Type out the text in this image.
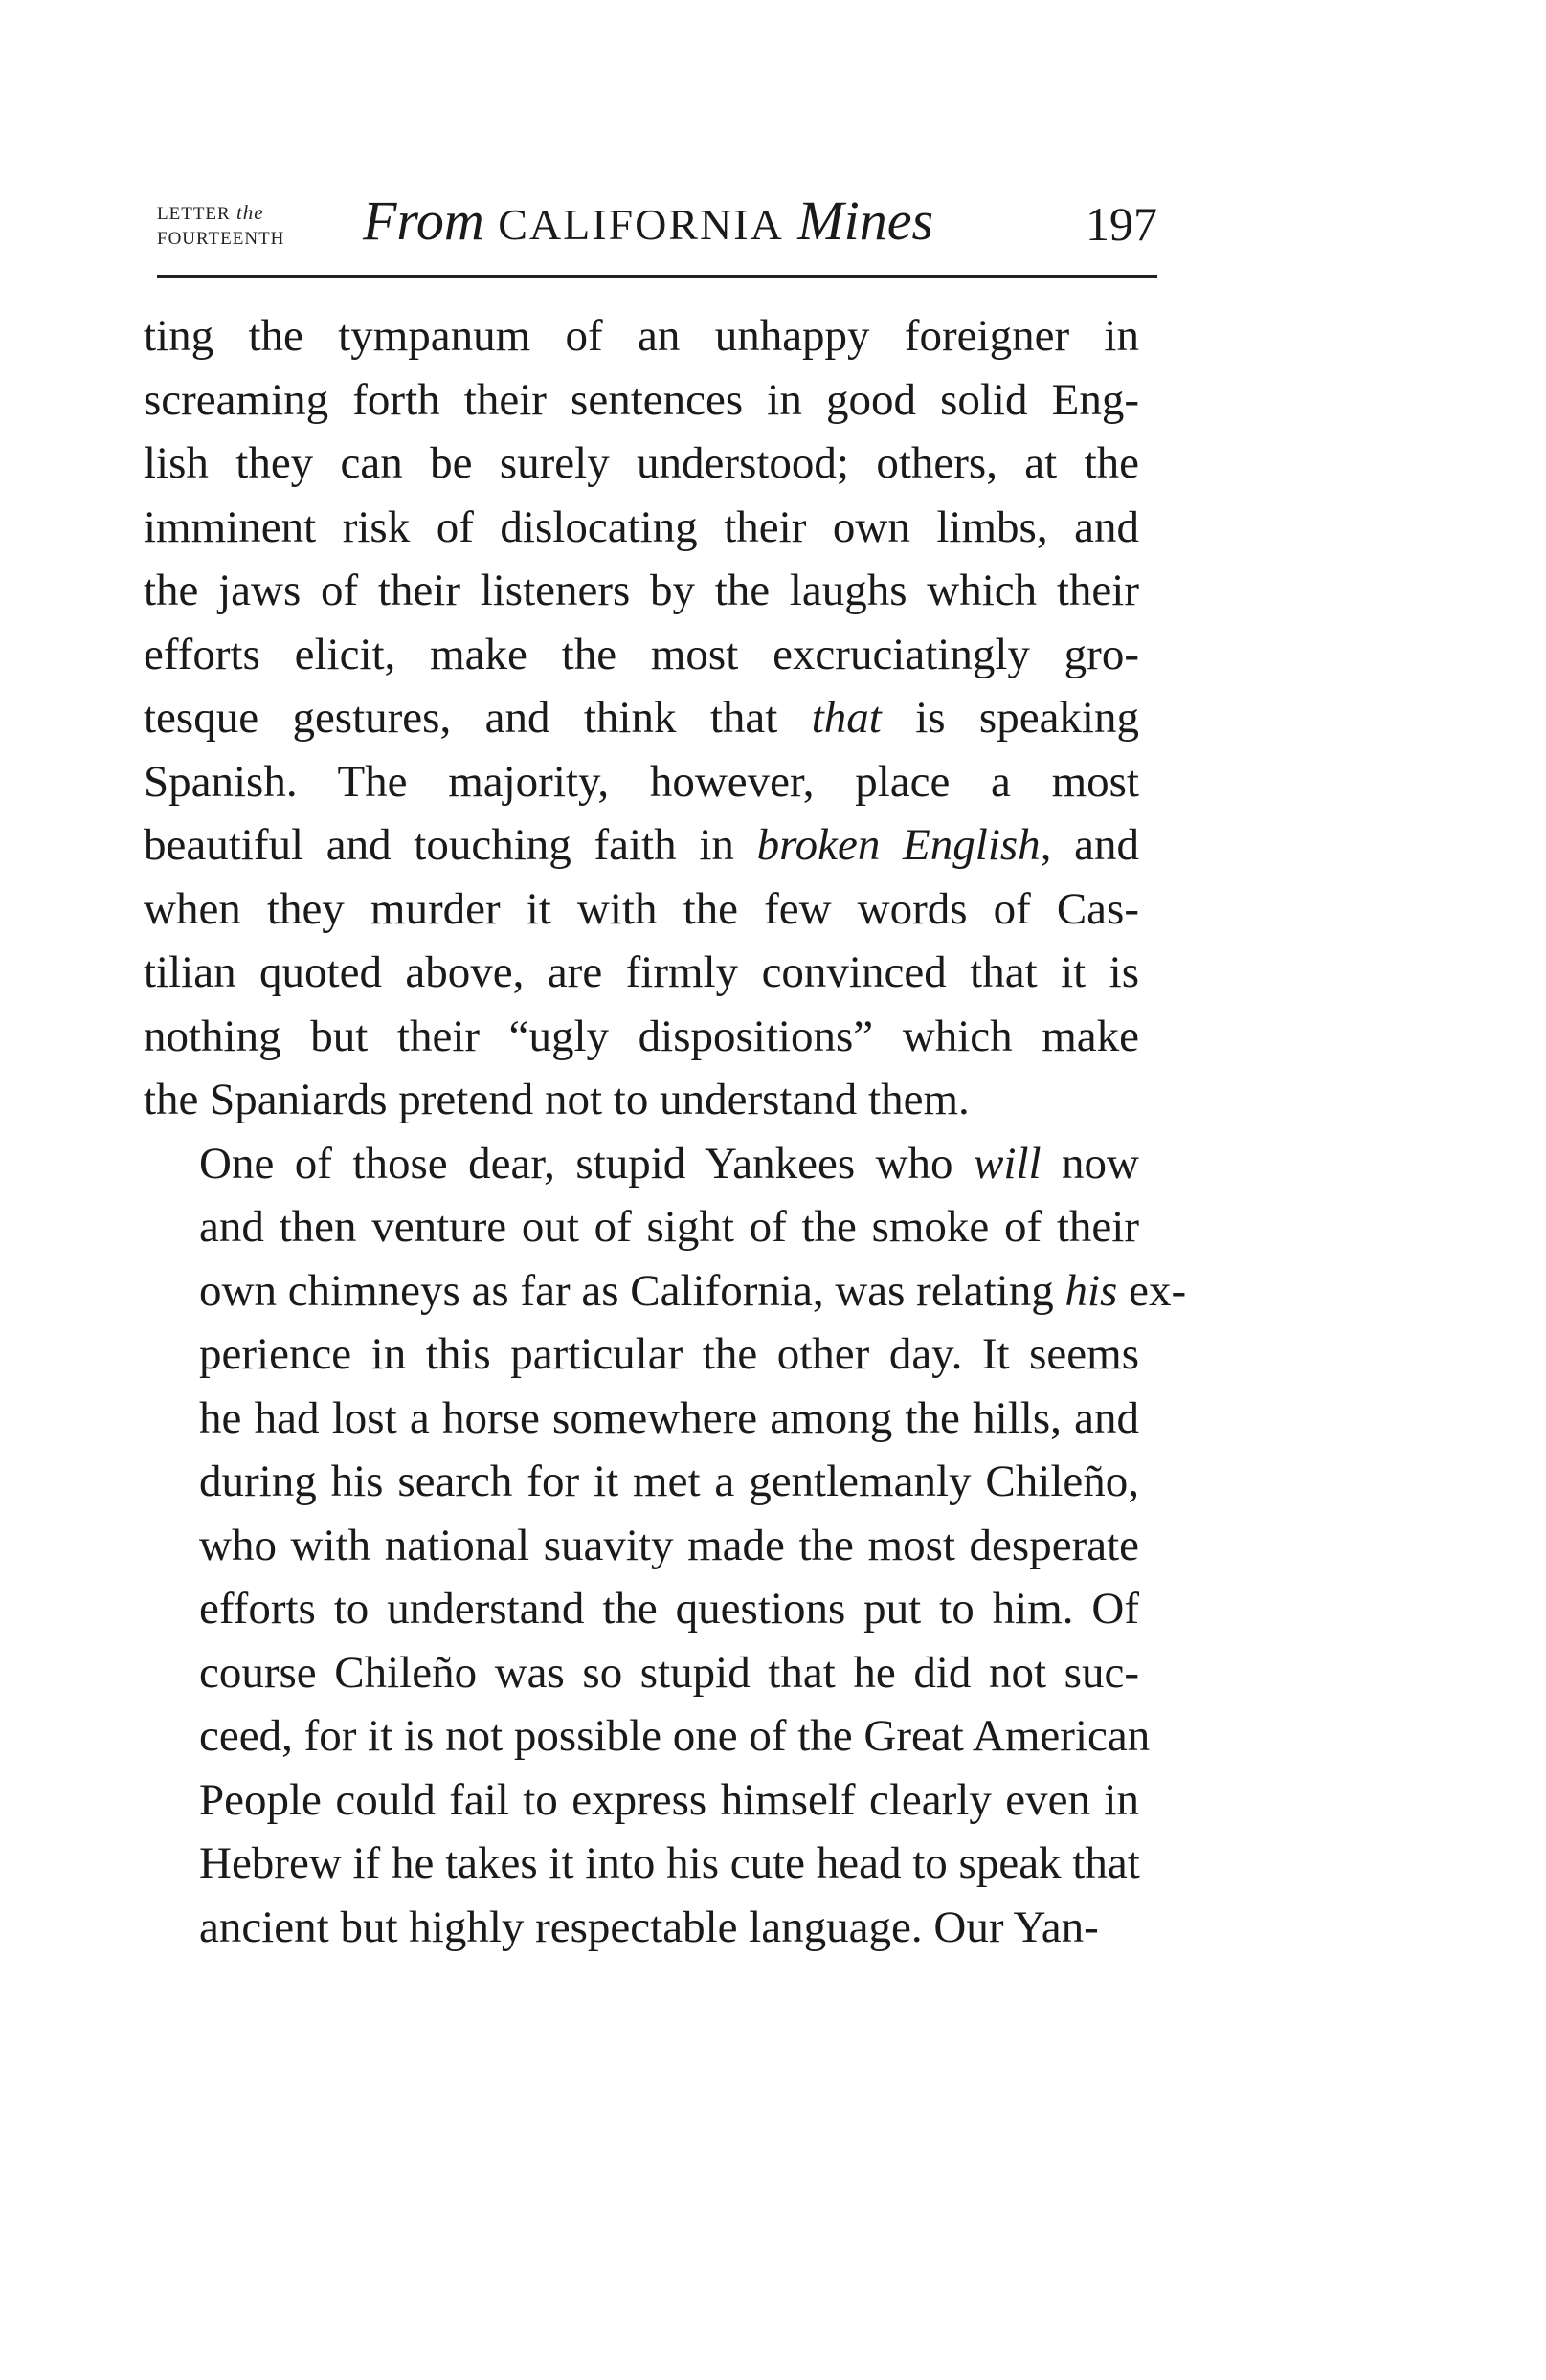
LETTER the
FOURTEENTH	From CALIFORNIA Mines	197

ting the tympanum of an unhappy foreigner in
screaming forth their sentences in good solid Eng-
lish they can be surely understood; others, at the
imminent risk of dislocating their own limbs, and
the jaws of their listeners by the laughs which their
efforts elicit, make the most excruciatingly gro-
tesque gestures, and think that that is speaking
Spanish. The majority, however, place a most
beautiful and touching faith in broken English, and
when they murder it with the few words of Cas-
tilian quoted above, are firmly convinced that it is
nothing but their “ugly dispositions” which make
the Spaniards pretend not to understand them.

One of those dear, stupid Yankees who will now
and then venture out of sight of the smoke of their
own chimneys as far as California, was relating his ex-
perience in this particular the other day. It seems
he had lost a horse somewhere among the hills, and
during his search for it met a gentlemanly Chileño,
who with national suavity made the most desperate
efforts to understand the questions put to him. Of
course Chileño was so stupid that he did not suc-
ceed, for it is not possible one of the Great American
People could fail to express himself clearly even in
Hebrew if he takes it into his cute head to speak that
ancient but highly respectable language. Our Yan-
